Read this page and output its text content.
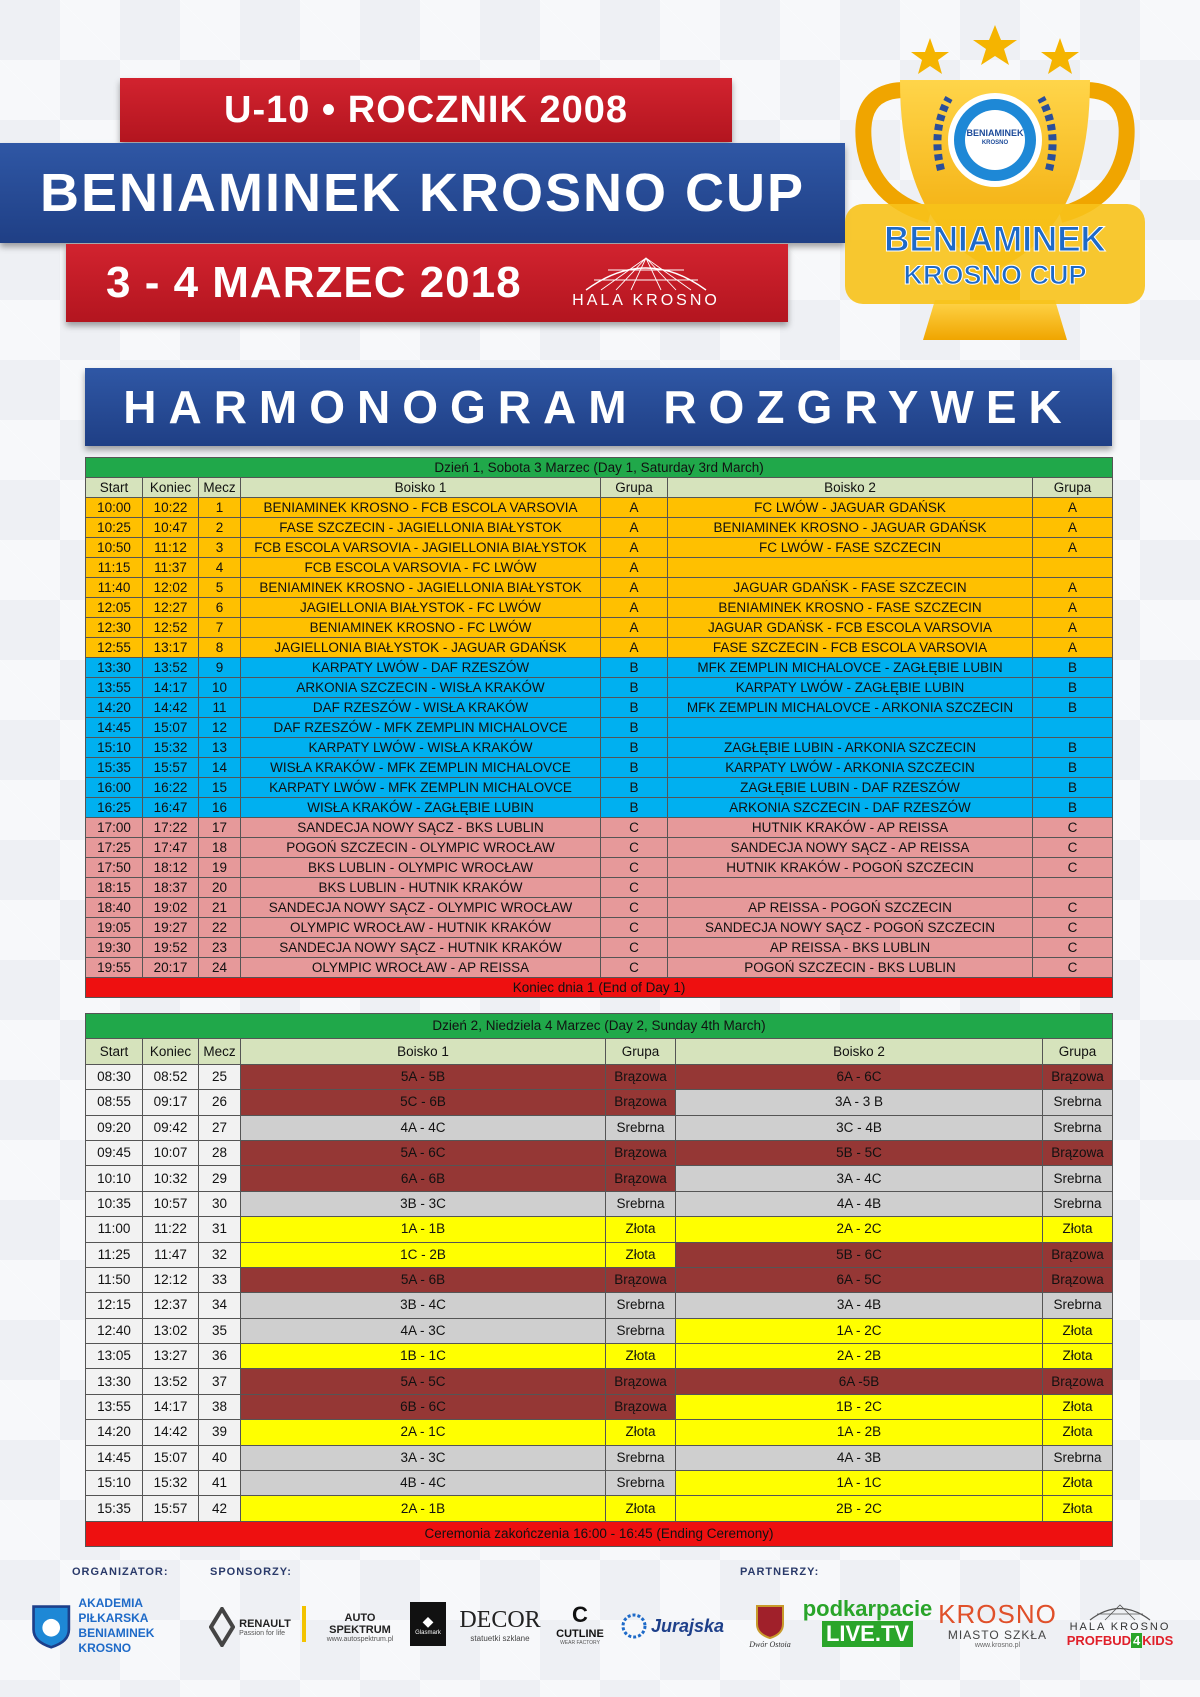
U-10 • ROCZNIK 2008
BENIAMINEK KROSNO CUP
3 - 4 MARZEC 2018	HALA KROSNO
BENIAMINEK
KROSNO
BENIAMINEK
KROSNO CUP
HARMONOGRAM ROZGRYWEK
Dzień 1, Sobota 3 Marzec (Day 1, Saturday 3rd March)						
Start	Koniec	Mecz	Boisko 1	Grupa	Boisko 2	Grupa
10:00	10:22	1	BENIAMINEK KROSNO - FCB ESCOLA VARSOVIA	A	FC LWÓW - JAGUAR GDAŃSK	A
10:25	10:47	2	FASE SZCZECIN - JAGIELLONIA BIAŁYSTOK	A	BENIAMINEK KROSNO - JAGUAR GDAŃSK	A
10:50	11:12	3	FCB ESCOLA VARSOVIA - JAGIELLONIA BIAŁYSTOK	A	FC LWÓW - FASE SZCZECIN	A
11:15	11:37	4	FCB ESCOLA VARSOVIA - FC LWÓW	A		
11:40	12:02	5	BENIAMINEK KROSNO - JAGIELLONIA BIAŁYSTOK	A	JAGUAR GDAŃSK - FASE SZCZECIN	A
12:05	12:27	6	JAGIELLONIA BIAŁYSTOK - FC LWÓW	A	BENIAMINEK KROSNO - FASE SZCZECIN	A
12:30	12:52	7	BENIAMINEK KROSNO - FC LWÓW	A	JAGUAR GDAŃSK - FCB ESCOLA VARSOVIA	A
12:55	13:17	8	JAGIELLONIA BIAŁYSTOK - JAGUAR GDAŃSK	A	FASE SZCZECIN - FCB ESCOLA VARSOVIA	A
13:30	13:52	9	KARPATY LWÓW - DAF RZESZÓW	B	MFK ZEMPLIN MICHALOVCE - ZAGŁĘBIE LUBIN	B
13:55	14:17	10	ARKONIA SZCZECIN - WISŁA KRAKÓW	B	KARPATY LWÓW - ZAGŁĘBIE LUBIN	B
14:20	14:42	11	DAF RZESZÓW - WISŁA KRAKÓW	B	MFK ZEMPLIN MICHALOVCE - ARKONIA SZCZECIN	B
14:45	15:07	12	DAF RZESZÓW - MFK ZEMPLIN MICHALOVCE	B		
15:10	15:32	13	KARPATY LWÓW - WISŁA KRAKÓW	B	ZAGŁĘBIE LUBIN - ARKONIA SZCZECIN	B
15:35	15:57	14	WISŁA KRAKÓW - MFK ZEMPLIN MICHALOVCE	B	KARPATY LWÓW - ARKONIA SZCZECIN	B
16:00	16:22	15	KARPATY LWÓW - MFK ZEMPLIN MICHALOVCE	B	ZAGŁĘBIE LUBIN - DAF RZESZÓW	B
16:25	16:47	16	WISŁA KRAKÓW - ZAGŁĘBIE LUBIN	B	ARKONIA SZCZECIN - DAF RZESZÓW	B
17:00	17:22	17	SANDECJA NOWY SĄCZ - BKS LUBLIN	C	HUTNIK KRAKÓW - AP REISSA	C
17:25	17:47	18	POGOŃ SZCZECIN - OLYMPIC WROCŁAW	C	SANDECJA NOWY SĄCZ - AP REISSA	C
17:50	18:12	19	BKS LUBLIN - OLYMPIC WROCŁAW	C	HUTNIK KRAKÓW - POGOŃ SZCZECIN	C
18:15	18:37	20	BKS LUBLIN - HUTNIK KRAKÓW	C		
18:40	19:02	21	SANDECJA NOWY SĄCZ - OLYMPIC WROCŁAW	C	AP REISSA - POGOŃ SZCZECIN	C
19:05	19:27	22	OLYMPIC WROCŁAW - HUTNIK KRAKÓW	C	SANDECJA NOWY SĄCZ - POGOŃ SZCZECIN	C
19:30	19:52	23	SANDECJA NOWY SĄCZ - HUTNIK KRAKÓW	C	AP REISSA - BKS LUBLIN	C
19:55	20:17	24	OLYMPIC WROCŁAW - AP REISSA	C	POGOŃ SZCZECIN - BKS LUBLIN	C
Koniec dnia 1 (End of Day 1)						
Dzień 2, Niedziela 4 Marzec (Day 2, Sunday 4th March)						
Start	Koniec	Mecz	Boisko 1	Grupa	Boisko 2	Grupa
08:30	08:52	25	5A - 5B	Brązowa	6A - 6C	Brązowa
08:55	09:17	26	5C - 6B	Brązowa	3A - 3 B	Srebrna
09:20	09:42	27	4A - 4C	Srebrna	3C - 4B	Srebrna
09:45	10:07	28	5A - 6C	Brązowa	5B - 5C	Brązowa
10:10	10:32	29	6A - 6B	Brązowa	3A - 4C	Srebrna
10:35	10:57	30	3B - 3C	Srebrna	4A - 4B	Srebrna
11:00	11:22	31	1A - 1B	Złota	2A - 2C	Złota
11:25	11:47	32	1C - 2B	Złota	5B - 6C	Brązowa
11:50	12:12	33	5A - 6B	Brązowa	6A - 5C	Brązowa
12:15	12:37	34	3B - 4C	Srebrna	3A - 4B	Srebrna
12:40	13:02	35	4A - 3C	Srebrna	1A - 2C	Złota
13:05	13:27	36	1B - 1C	Złota	2A - 2B	Złota
13:30	13:52	37	5A - 5C	Brązowa	6A -5B	Brązowa
13:55	14:17	38	6B - 6C	Brązowa	1B - 2C	Złota
14:20	14:42	39	2A - 1C	Złota	1A - 2B	Złota
14:45	15:07	40	3A - 3C	Srebrna	4A - 3B	Srebrna
15:10	15:32	41	4B - 4C	Srebrna	1A - 1C	Złota
15:35	15:57	42	2A - 1B	Złota	2B - 2C	Złota
Ceremonia zakończenia 16:00 - 16:45 (Ending Ceremony)						
ORGANIZATOR:	SPONSORZY:	PARTNERZY:
AKADEMIA PIŁKARSKA
BENIAMINEK KROSNO
RENAULT
Passion for life
AUTO SPEKTRUM
www.autospektrum.pl
◆
Glasmark DECOR
statuetki szklane
C
CUTLINE
WEAR FACTORY
Jurajska
Dwór Ostoia
podkarpacie
LIVE.TV
KROSNO
MIASTO SZKŁA
www.krosno.pl
HALA KROSNO
PROFBUD 4 KIDS
